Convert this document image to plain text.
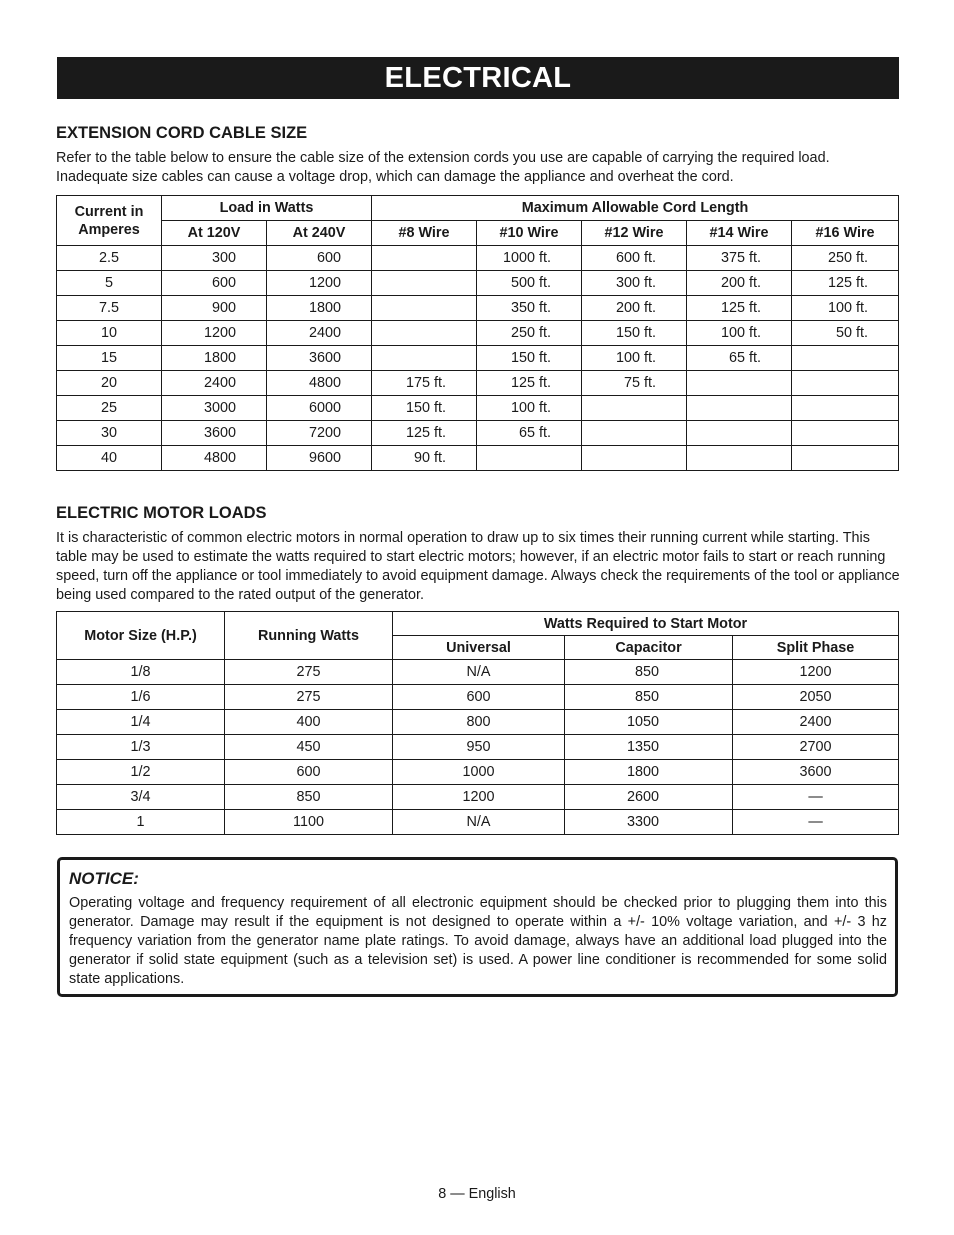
ELECTRICAL
EXTENSION CORD CABLE SIZE
Refer to the table below to ensure the cable size of the extension cords you use are capable of carrying the required load. Inadequate size cables can cause a voltage drop, which can damage the appliance and overheat the cord.
Current in Amperes	Load in Watts		Maximum Allowable Cord Length				
	At 120V	At 240V	#8 Wire	#10 Wire	#12 Wire	#14 Wire	#16 Wire
2.5	300	600		1000 ft.	600 ft.	375 ft.	250 ft.
5	600	1200		500 ft.	300 ft.	200 ft.	125 ft.
7.5	900	1800		350 ft.	200 ft.	125 ft.	100 ft.
10	1200	2400		250 ft.	150 ft.	100 ft.	50 ft.
15	1800	3600		150 ft.	100 ft.	65 ft.	
20	2400	4800	175 ft.	125 ft.	75 ft.		
25	3000	6000	150 ft.	100 ft.			
30	3600	7200	125 ft.	65 ft.			
40	4800	9600	90 ft.				
ELECTRIC MOTOR LOADS
It is characteristic of common electric motors in normal operation to draw up to six times their running current while starting. This table may be used to estimate the watts required to start electric motors; however, if an electric motor fails to start or reach running speed, turn off the appliance or tool immediately to avoid equipment damage. Always check the requirements of the tool or appliance being used compared to the rated output of the generator.
Motor Size (H.P.)	Running Watts	Watts Required to Start Motor		
		Universal	Capacitor	Split Phase
1/8	275	N/A	850	1200
1/6	275	600	850	2050
1/4	400	800	1050	2400
1/3	450	950	1350	2700
1/2	600	1000	1800	3600
3/4	850	1200	2600	—
1	1100	N/A	3300	—
NOTICE:
Operating voltage and frequency requirement of all electronic equipment should be checked prior to plugging them into this generator. Damage may result if the equipment is not designed to operate within a +/- 10% voltage variation, and +/- 3 hz frequency variation from the generator name plate ratings. To avoid damage, always have an additional load plugged into the generator if solid state equipment (such as a television set) is used. A power line conditioner is recommended for some solid state applications.
8 — English
